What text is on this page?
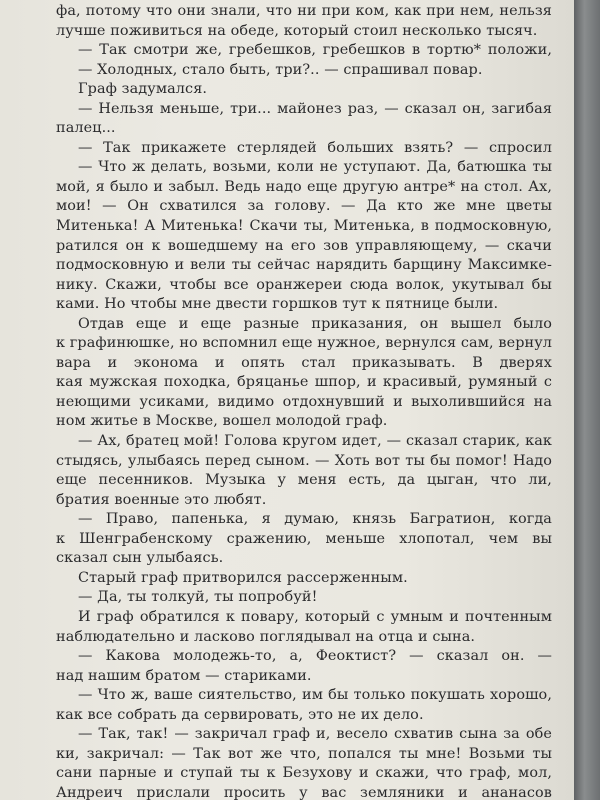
фа, потому что они знали, что ни при ком, как при нем, нельзя
лучше поживиться на обеде, который стоил несколько тысяч.
— Так смотри же, гребешков, гребешков в тортю* положи,
— Холодных, стало быть, три?.. — спрашивал повар.
Граф задумался.
— Нельзя меньше, три... майонез раз, — сказал он, загибая
палец...
— Так прикажете стерлядей больших взять? — спросил
— Что ж делать, возьми, коли не уступают. Да, батюшка ты
мой, я было и забыл. Ведь надо еще другую антре* на стол. Ах,
мои! — Он схватился за голову. — Да кто же мне цветы
Митенька! А Митенька! Скачи ты, Митенька, в подмосковную,
ратился он к вошедшему на его зов управляющему, — скачи
подмосковную и вели ты сейчас нарядить барщину Максимке-
нику. Скажи, чтобы все оранжереи сюда волок, укутывал бы
ками. Но чтобы мне двести горшков тут к пятнице были.
Отдав еще и еще разные приказания, он вышел было
к графинюшке, но вспомнил еще нужное, вернулся сам, вернул
вара и эконома и опять стал приказывать. В дверях
кая мужская походка, бряцанье шпор, и красивый, румяный с
неющими усиками, видимо отдохнувший и выхолившийся на
ном житье в Москве, вошел молодой граф.
— Ах, братец мой! Голова кругом идет, — сказал старик, как
стыдясь, улыбаясь перед сыном. — Хоть вот ты бы помог! Надо
еще песенников. Музыка у меня есть, да цыган, что ли,
братия военные это любят.
— Право, папенька, я думаю, князь Багратион, когда
к Шенграбенскому сражению, меньше хлопотал, чем вы
сказал сын улыбаясь.
Старый граф притворился рассерженным.
— Да, ты толкуй, ты попробуй!
И граф обратился к повару, который с умным и почтенным
наблюдательно и ласково поглядывал на отца и сына.
— Какова молодежь-то, а, Феоктист? — сказал он. —
над нашим братом — стариками.
— Что ж, ваше сиятельство, им бы только покушать хорошо,
как все собрать да сервировать, это не их дело.
— Так, так! — закричал граф и, весело схватив сына за обе
ки, закричал: — Так вот же что, попался ты мне! Возьми ты
сани парные и ступай ты к Безухову и скажи, что граф, мол,
Андреич прислали просить у вас земляники и ананасов
